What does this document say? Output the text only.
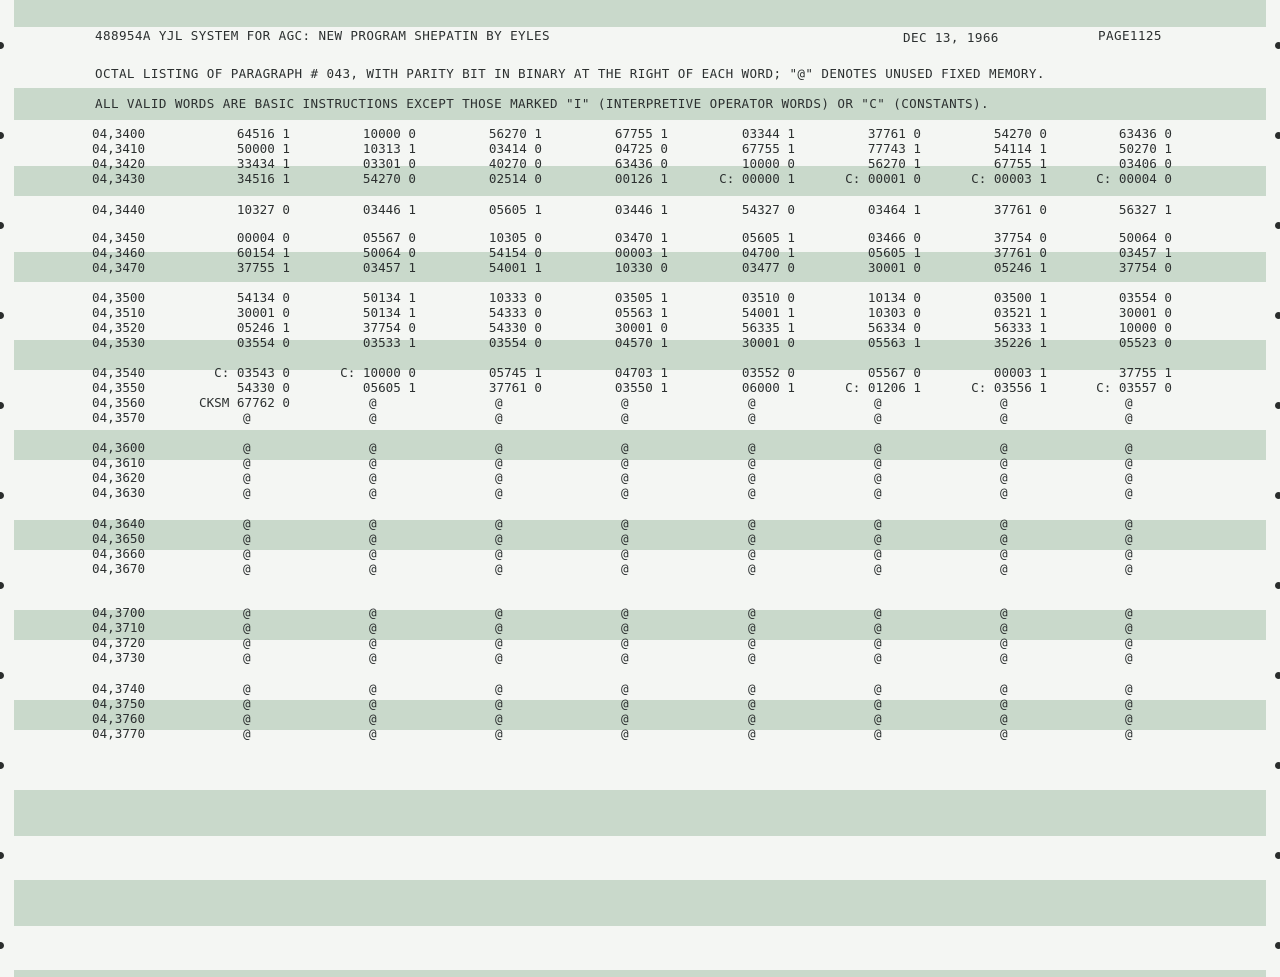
488954A YJL SYSTEM FOR AGC: NEW PROGRAM SHEPATIN BY EYLES	DEC 13, 1966	PAGE1125
OCTAL LISTING OF PARAGRAPH # 043, WITH PARITY BIT IN BINARY AT THE RIGHT OF EACH WORD; "@" DENOTES UNUSED FIXED MEMORY.
ALL VALID WORDS ARE BASIC INSTRUCTIONS EXCEPT THOSE MARKED "I" (INTERPRETIVE OPERATOR WORDS) OR "C" (CONSTANTS).
04,3400	64516 1	10000 0	56270 1	67755 1	03344 1	37761 0	54270 0	63436 0
04,3410	50000 1	10313 1	03414 0	04725 0	67755 1	77743 1	54114 1	50270 1
04,3420	33434 1	03301 0	40270 0	63436 0	10000 0	56270 1	67755 1	03406 0
04,3430	34516 1	54270 0	02514 0	00126 1	C: 00000 1	C: 00001 0	C: 00003 1	C: 00004 0
04,3440	10327 0	03446 1	05605 1	03446 1	54327 0	03464 1	37761 0	56327 1
04,3450	00004 0	05567 0	10305 0	03470 1	05605 1	03466 0	37754 0	50064 0
04,3460	60154 1	50064 0	54154 0	00003 1	04700 1	05605 1	37761 0	03457 1
04,3470	37755 1	03457 1	54001 1	10330 0	03477 0	30001 0	05246 1	37754 0
04,3500	54134 0	50134 1	10333 0	03505 1	03510 0	10134 0	03500 1	03554 0
04,3510	30001 0	50134 1	54333 0	05563 1	54001 1	10303 0	03521 1	30001 0
04,3520	05246 1	37754 0	54330 0	30001 0	56335 1	56334 0	56333 1	10000 0
04,3530	03554 0	03533 1	03554 0	04570 1	30001 0	05563 1	35226 1	05523 0
04,3540	C: 03543 0	C: 10000 0	05745 1	04703 1	03552 0	05567 0	00003 1	37755 1
04,3550	54330 0	05605 1	37761 0	03550 1	06000 1	C: 01206 1	C: 03556 1	C: 03557 0
04,3560	CKSM 67762 0	@	@	@	@	@	@	@
04,3570	@	@	@	@	@	@	@	@
04,3600	@	@	@	@	@	@	@	@
04,3610	@	@	@	@	@	@	@	@
04,3620	@	@	@	@	@	@	@	@
04,3630	@	@	@	@	@	@	@	@
04,3640	@	@	@	@	@	@	@	@
04,3650	@	@	@	@	@	@	@	@
04,3660	@	@	@	@	@	@	@	@
04,3670	@	@	@	@	@	@	@	@
04,3700	@	@	@	@	@	@	@	@
04,3710	@	@	@	@	@	@	@	@
04,3720	@	@	@	@	@	@	@	@
04,3730	@	@	@	@	@	@	@	@
04,3740	@	@	@	@	@	@	@	@
04,3750	@	@	@	@	@	@	@	@
04,3760	@	@	@	@	@	@	@	@
04,3770	@	@	@	@	@	@	@	@
